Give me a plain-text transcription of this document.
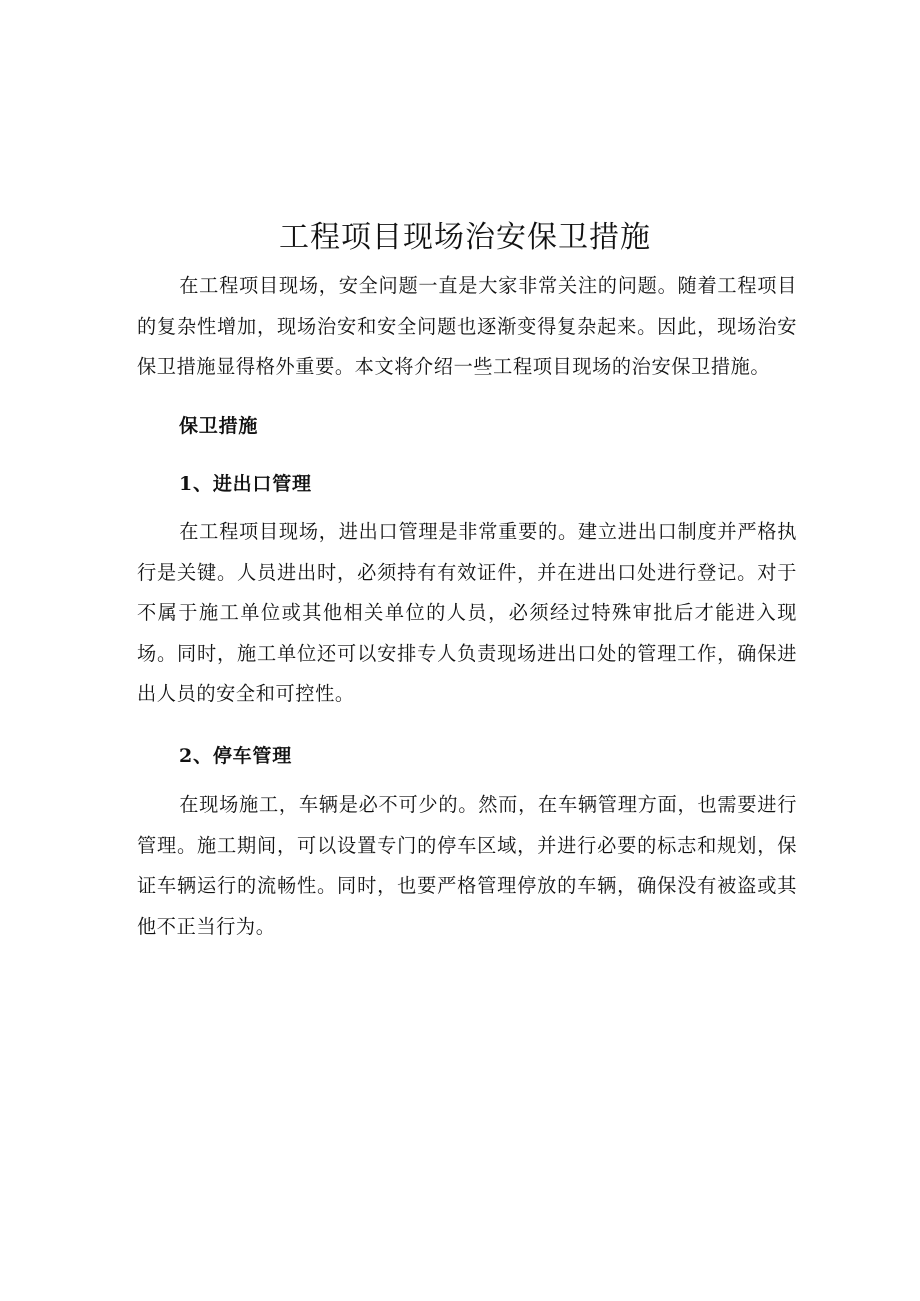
工程项目现场治安保卫措施

在工程项目现场，安全问题一直是大家非常关注的问题。随着工程项目的复杂性增加，现场治安和安全问题也逐渐变得复杂起来。因此，现场治安保卫措施显得格外重要。本文将介绍一些工程项目现场的治安保卫措施。

保卫措施
1、进出口管理

在工程项目现场，进出口管理是非常重要的。建立进出口制度并严格执行是关键。人员进出时，必须持有有效证件，并在进出口处进行登记。对于不属于施工单位或其他相关单位的人员，必须经过特殊审批后才能进入现场。同时，施工单位还可以安排专人负责现场进出口处的管理工作，确保进出人员的安全和可控性。

2、停车管理

在现场施工，车辆是必不可少的。然而，在车辆管理方面，也需要进行管理。施工期间，可以设置专门的停车区域，并进行必要的标志和规划，保证车辆运行的流畅性。同时，也要严格管理停放的车辆，确保没有被盗或其他不正当行为。
